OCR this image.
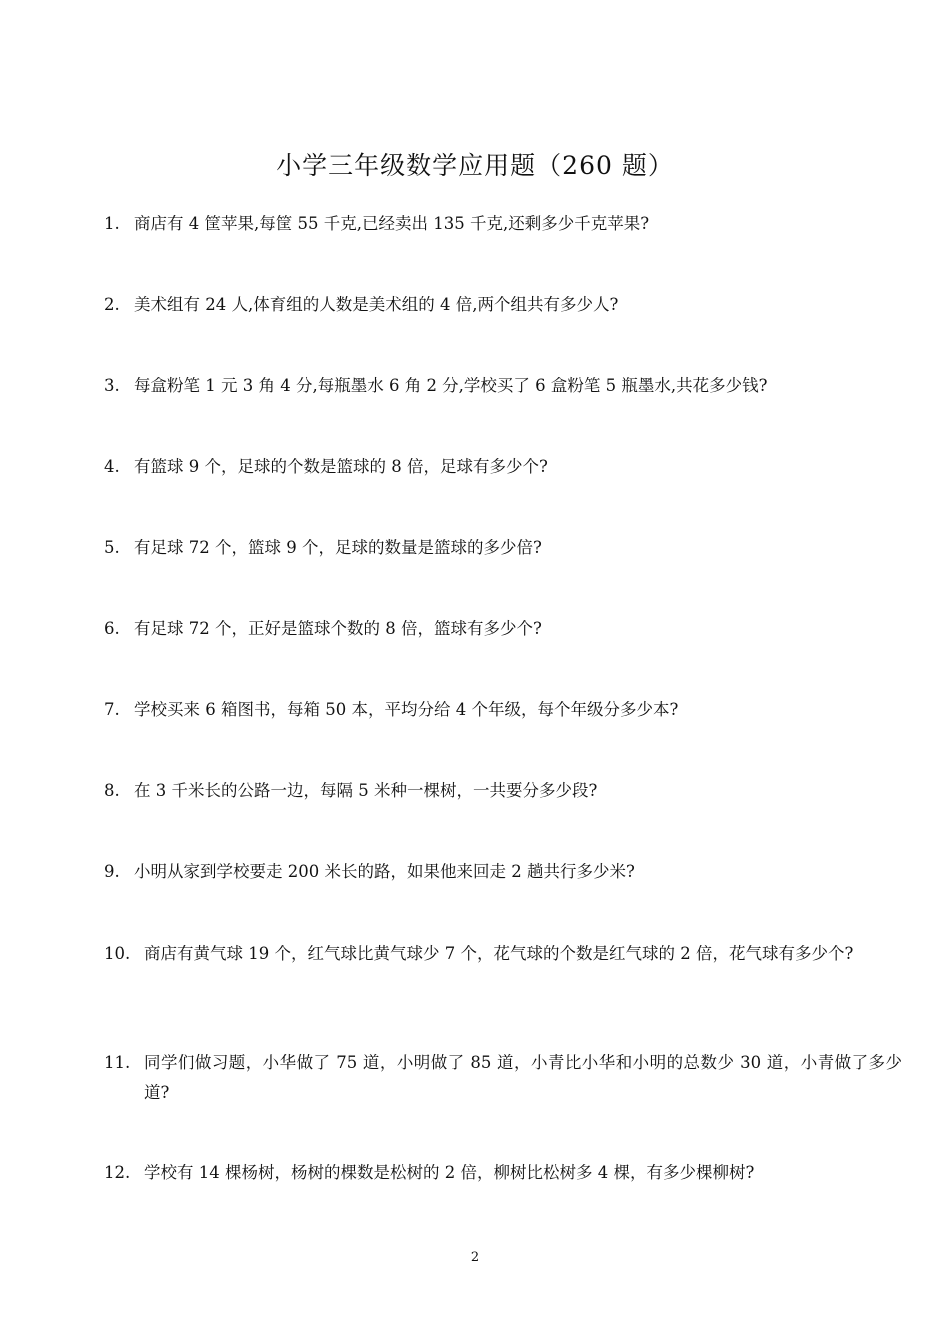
小学三年级数学应用题（260 题）
1. 商店有 4 筐苹果,每筐 55 千克,已经卖出 135 千克,还剩多少千克苹果?
2. 美术组有 24 人,体育组的人数是美术组的 4 倍,两个组共有多少人?
3. 每盒粉笔 1 元 3 角 4 分,每瓶墨水 6 角 2 分,学校买了 6 盒粉笔 5 瓶墨水,共花多少钱?
4. 有篮球 9 个，足球的个数是篮球的 8 倍，足球有多少个?
5. 有足球 72 个，篮球 9 个，足球的数量是篮球的多少倍?
6. 有足球 72 个，正好是篮球个数的 8 倍，篮球有多少个?
7. 学校买来 6 箱图书，每箱 50 本，平均分给 4 个年级，每个年级分多少本?
8. 在 3 千米长的公路一边，每隔 5 米种一棵树，一共要分多少段?
9. 小明从家到学校要走 200 米长的路，如果他来回走 2 趟共行多少米?
10. 商店有黄气球 19 个，红气球比黄气球少 7 个，花气球的个数是红气球的 2 倍，花气球有多少个?
11. 同学们做习题，小华做了 75 道，小明做了 85 道，小青比小华和小明的总数少 30 道，小青做了多少道?
12. 学校有 14 棵杨树，杨树的棵数是松树的 2 倍，柳树比松树多 4 棵，有多少棵柳树?
2
